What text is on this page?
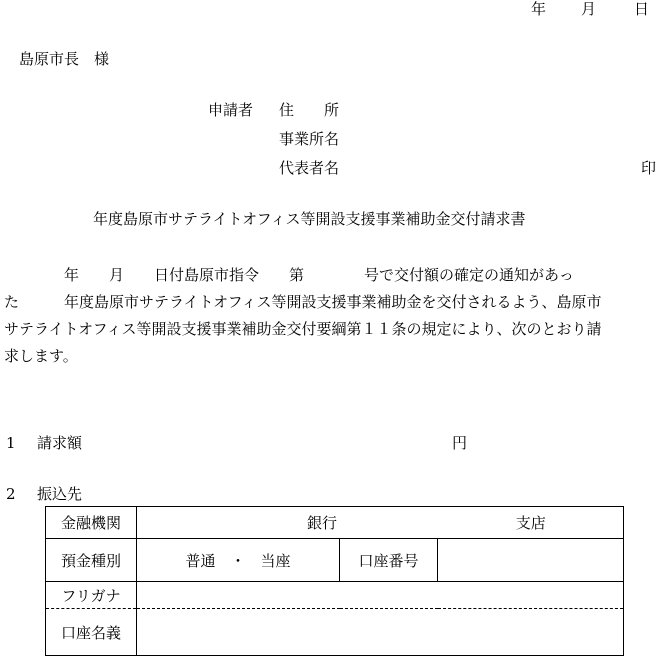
年 月	日
島原市長　様
申請者 住　　所
事業所名
代表者名	印
年度島原市サテライトオフィス等開設支援事業補助金交付請求書
　　　　年　　月　　日付島原市指令　　第　　　　号で交付額の確定の通知があっ
た　　　年度島原市サテライトオフィス等開設支援事業補助金を交付されるよう、島原市
サテライトオフィス等開設支援事業補助金交付要綱第１１条の規定により、次のとおり請
求します。
1 請求額	円
2 振込先
金融機関	銀行 支店		
預金種別	普通　・　当座	口座番号	
フリガナ			
口座名義			
